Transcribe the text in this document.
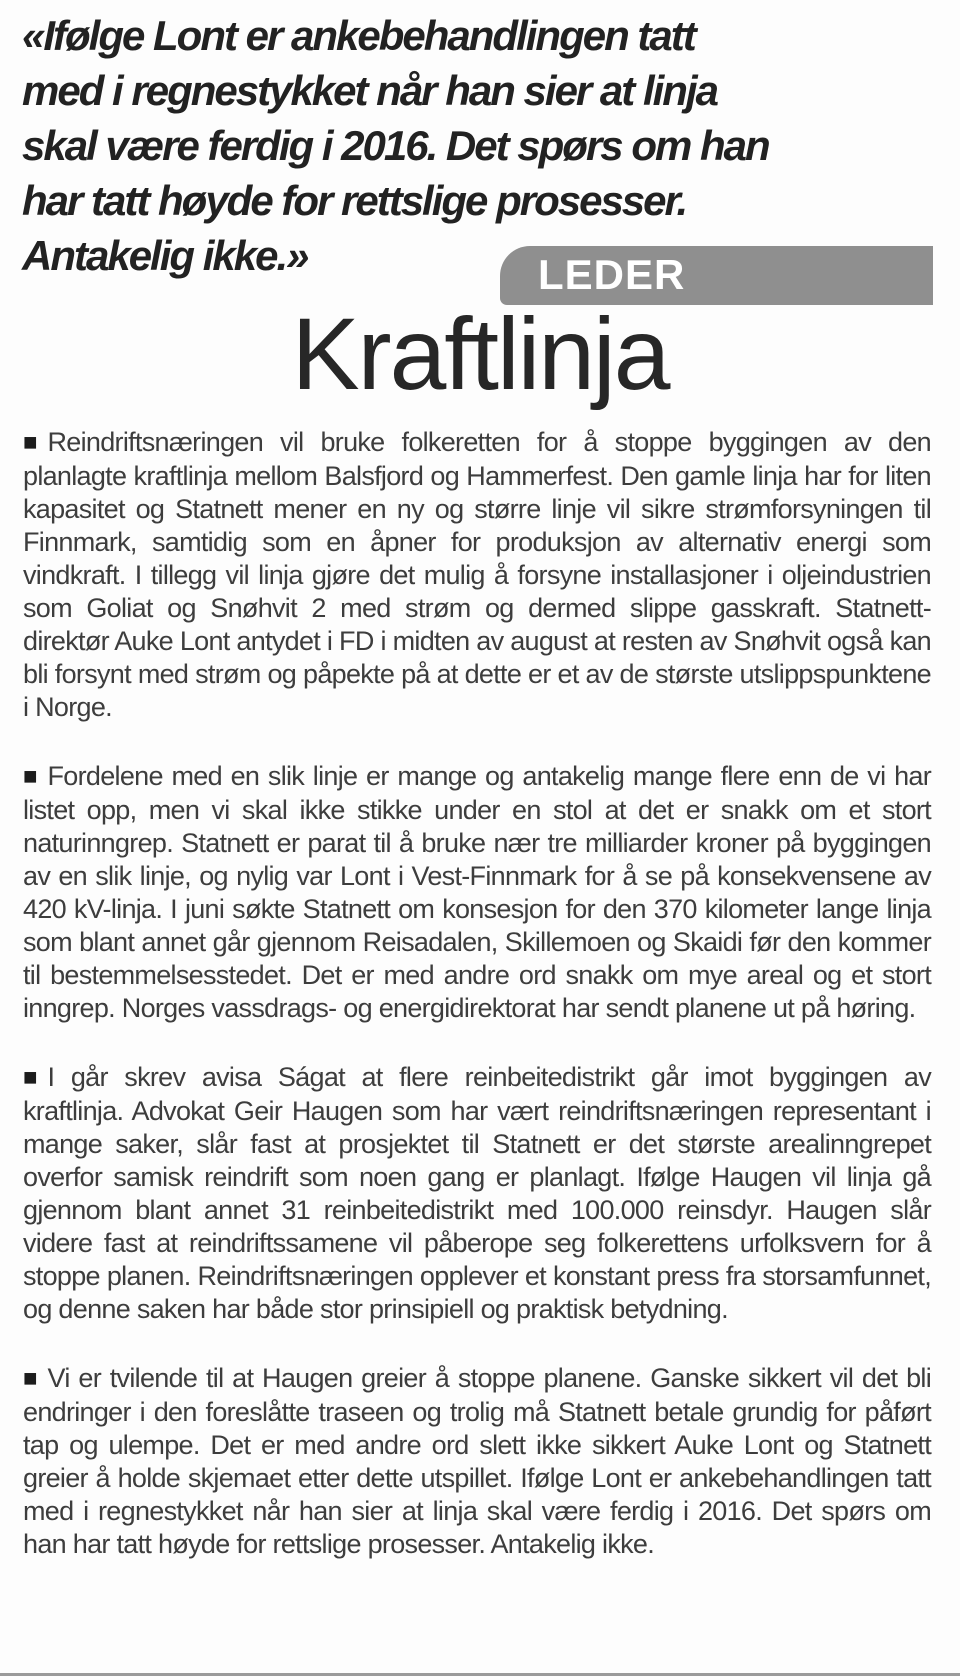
«Ifølge Lont er ankebehandlingen tatt
med i regnestykket når han sier at linja
skal være ferdig i 2016. Det spørs om han
har tatt høyde for rettslige prosesser.
Antakelig ikke.»	LEDER
Kraftlinja

■ Reindriftsnæringen vil bruke folkeretten for å stoppe byggingen av den planlagte kraftlinja mellom Balsfjord og Hammerfest. Den gamle linja har for liten kapasitet og Statnett mener en ny og større linje vil sikre strømforsyningen til Finnmark, samtidig som en åpner for produksjon av alternativ energi som vindkraft. I tillegg vil linja gjøre det mulig å forsyne installasjoner i oljeindustrien som Goliat og Snøhvit 2 med strøm og dermed slippe gasskraft. Statnett-direktør Auke Lont antydet i FD i midten av august at resten av Snøhvit også kan bli forsynt med strøm og påpekte på at dette er et av de største utslippspunktene i Norge.

■ Fordelene med en slik linje er mange og antakelig mange flere enn de vi har listet opp, men vi skal ikke stikke under en stol at det er snakk om et stort naturinngrep. Statnett er parat til å bruke nær tre milliarder kroner på byggingen av en slik linje, og nylig var Lont i Vest-Finnmark for å se på konsekvensene av 420 kV-linja. I juni søkte Statnett om konsesjon for den 370 kilometer lange linja som blant annet går gjennom Reisadalen, Skillemoen og Skaidi før den kommer til bestemmelsesstedet. Det er med andre ord snakk om mye areal og et stort inngrep. Norges vassdrags- og energidirektorat har sendt planene ut på høring.

■ I går skrev avisa Ságat at flere reinbeitedistrikt går imot byggingen av kraftlinja. Advokat Geir Haugen som har vært reindriftsnæringen representant i mange saker, slår fast at prosjektet til Statnett er det største arealinngrepet overfor samisk reindrift som noen gang er planlagt. Ifølge Haugen vil linja gå gjennom blant annet 31 reinbeitedistrikt med 100.000 reinsdyr. Haugen slår videre fast at reindriftssamene vil påberope seg folkerettens urfolksvern for å stoppe planen. Reindriftsnæringen opplever et konstant press fra storsamfunnet, og denne saken har både stor prinsipiell og praktisk betydning.

■ Vi er tvilende til at Haugen greier å stoppe planene. Ganske sikkert vil det bli endringer i den foreslåtte traseen og trolig må Statnett betale grundig for påført tap og ulempe. Det er med andre ord slett ikke sikkert Auke Lont og Statnett greier å holde skjemaet etter dette utspillet. Ifølge Lont er ankebehandlingen tatt med i regnestykket når han sier at linja skal være ferdig i 2016. Det spørs om han har tatt høyde for rettslige prosesser. Antakelig ikke.
